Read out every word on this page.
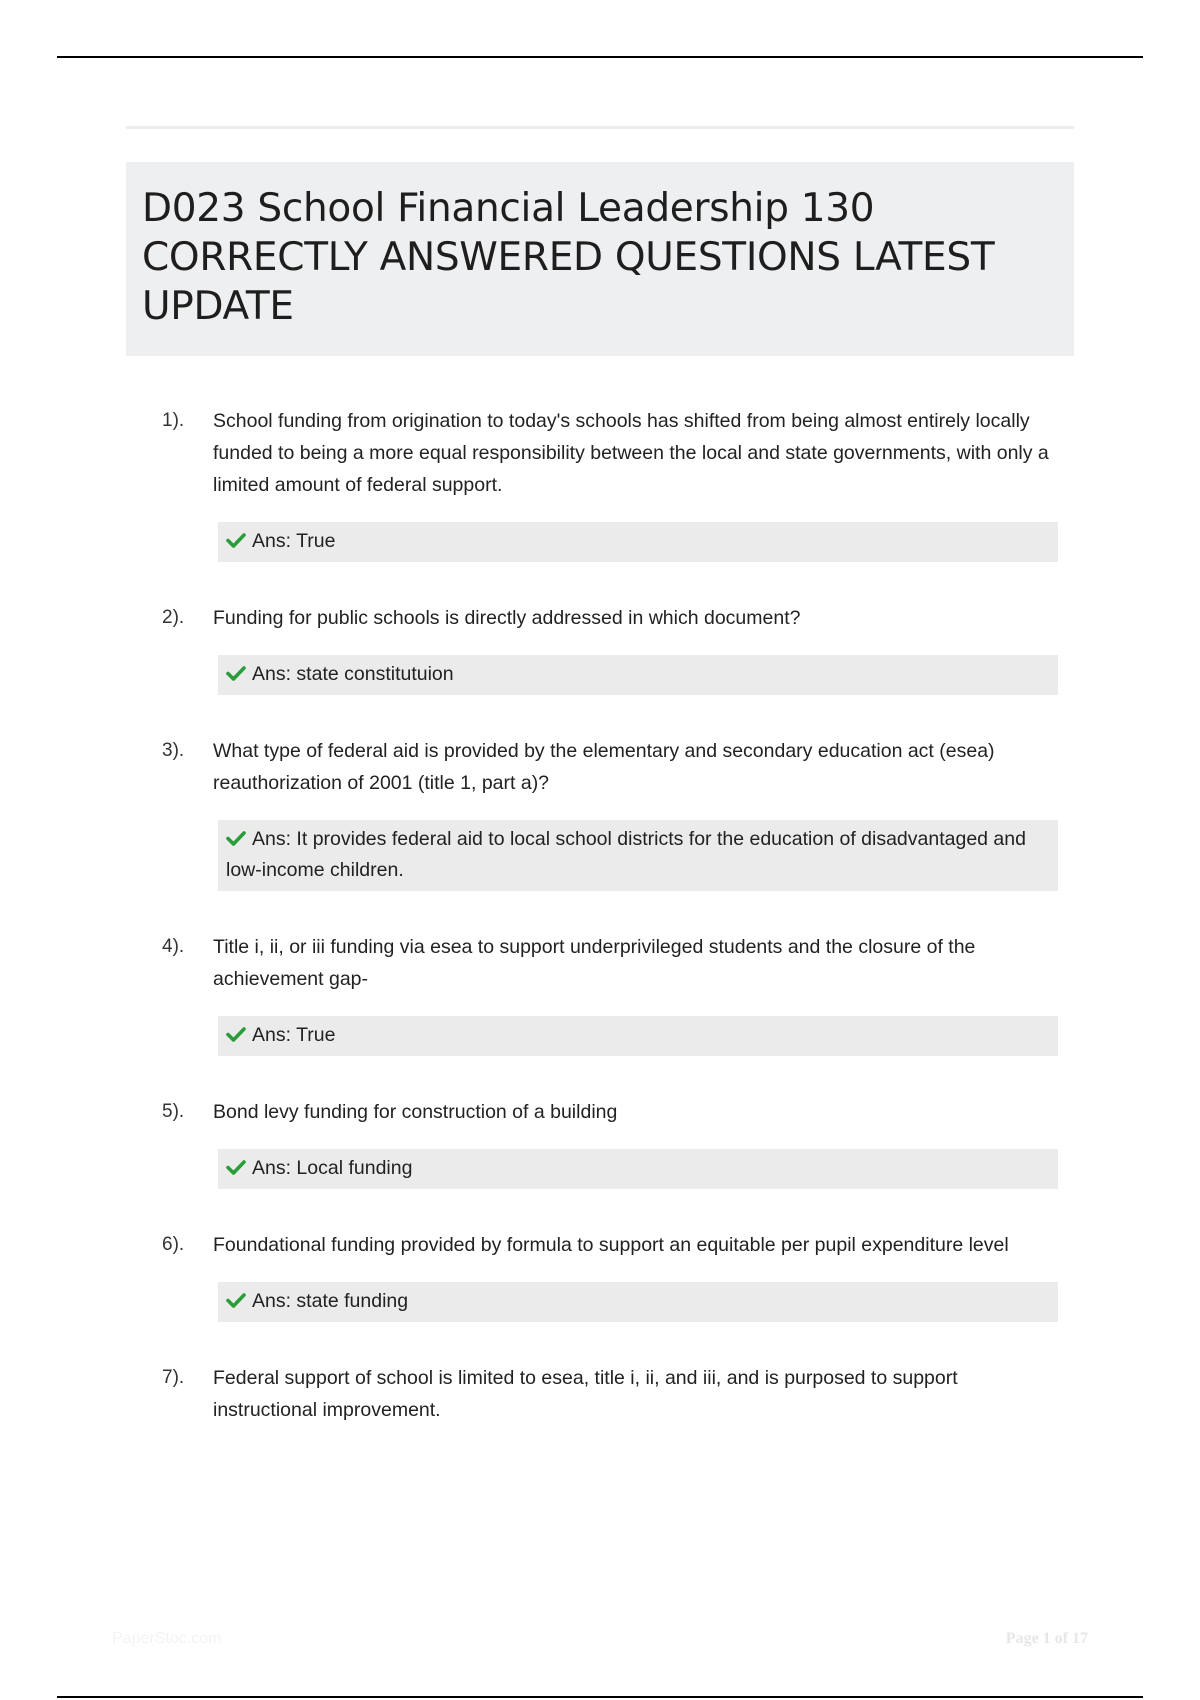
D023 School Financial Leadership 130 CORRECTLY ANSWERED QUESTIONS LATEST UPDATE
1). School funding from origination to today's schools has shifted from being almost entirely locally funded to being a more equal responsibility between the local and state governments, with only a limited amount of federal support.
Ans: True
2). Funding for public schools is directly addressed in which document?
Ans: state constitutuion
3). What type of federal aid is provided by the elementary and secondary education act (esea) reauthorization of 2001 (title 1, part a)?
Ans: It provides federal aid to local school districts for the education of disadvantaged and low-income children.
4). Title i, ii, or iii funding via esea to support underprivileged students and the closure of the achievement gap-
Ans: True
5). Bond levy funding for construction of a building
Ans: Local funding
6). Foundational funding provided by formula to support an equitable per pupil expenditure level
Ans: state funding
7). Federal support of school is limited to esea, title i, ii, and iii, and is purposed to support instructional improvement.
PaperStoc.com	Page 1 of 17
